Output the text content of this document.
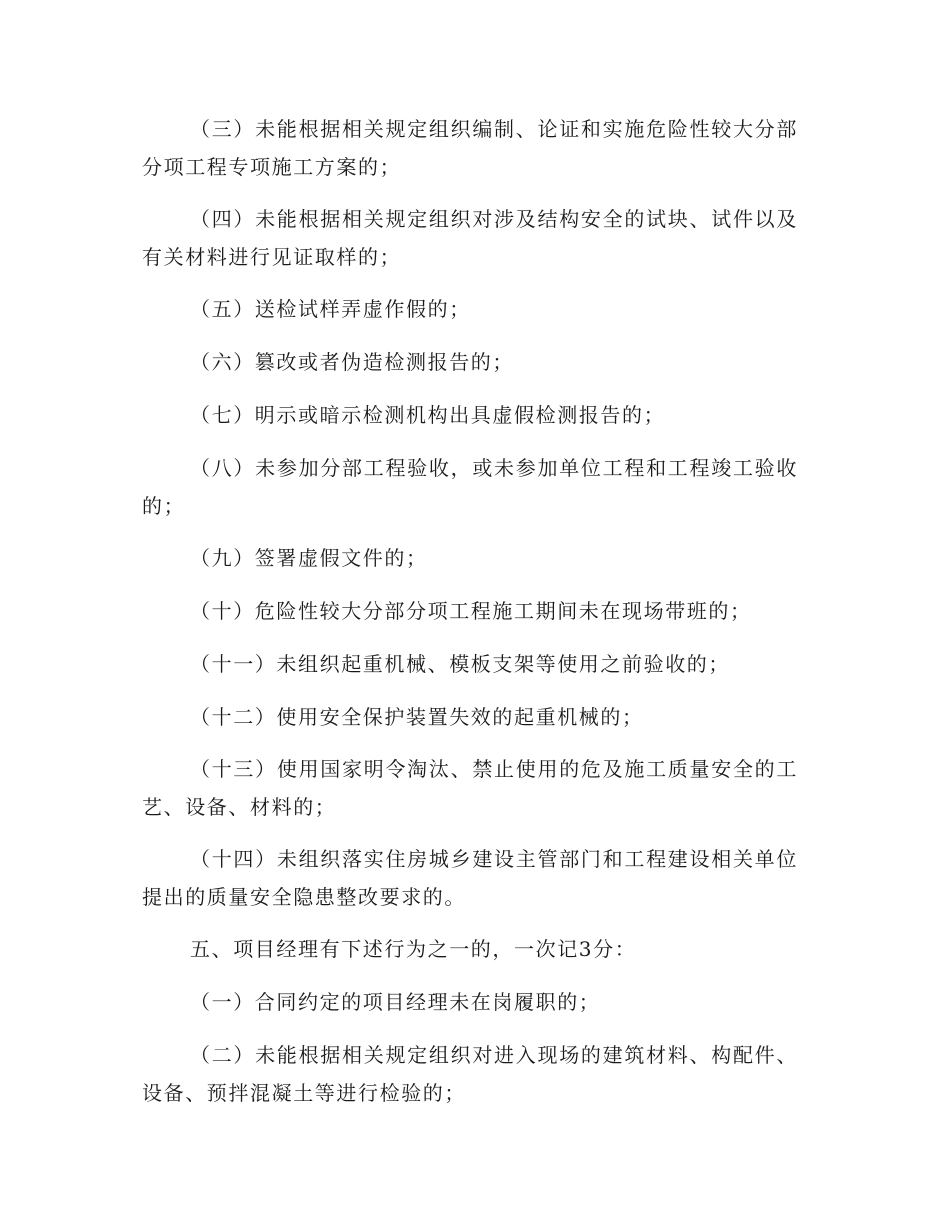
（三）未能根据相关规定组织编制、论证和实施危险性较大分部分项工程专项施工方案的；

（四）未能根据相关规定组织对涉及结构安全的试块、试件以及有关材料进行见证取样的；

（五）送检试样弄虚作假的；

（六）篡改或者伪造检测报告的；

（七）明示或暗示检测机构出具虚假检测报告的；

（八）未参加分部工程验收，或未参加单位工程和工程竣工验收的；

（九）签署虚假文件的；

（十）危险性较大分部分项工程施工期间未在现场带班的；

（十一）未组织起重机械、模板支架等使用之前验收的；

（十二）使用安全保护装置失效的起重机械的；

（十三）使用国家明令淘汰、禁止使用的危及施工质量安全的工艺、设备、材料的；

（十四）未组织落实住房城乡建设主管部门和工程建设相关单位提出的质量安全隐患整改要求的。

五、项目经理有下述行为之一的，一次记3分：

（一）合同约定的项目经理未在岗履职的；

（二）未能根据相关规定组织对进入现场的建筑材料、构配件、设备、预拌混凝土等进行检验的；
